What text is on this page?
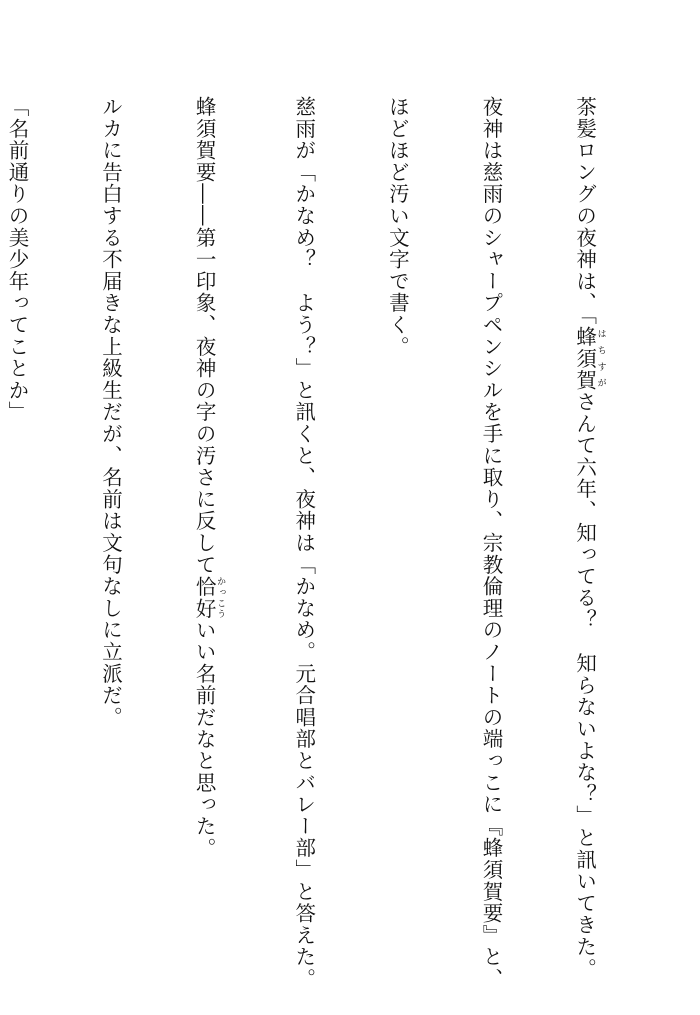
茶髪ロングの夜神は、「蜂須賀 はちすがさんて六年、知ってる？　知らないよな？」と訊いてきた。

夜神は慈雨のシャープペンシルを手に取り、宗教倫理のノートの端っこに『蜂須賀要』と、

ほどほど汚い文字で書く。

慈雨が「かなめ？　よう？」と訊くと、夜神は「かなめ。元合唱部とバレー部」と答えた。

蜂須賀要――第一印象、夜神の字の汚さに反して恰好 かっこういい名前だなと思った。

ルカに告白する不届きな上級生だが、名前は文句なしに立派だ。

「名前通りの美少年ってことか」
